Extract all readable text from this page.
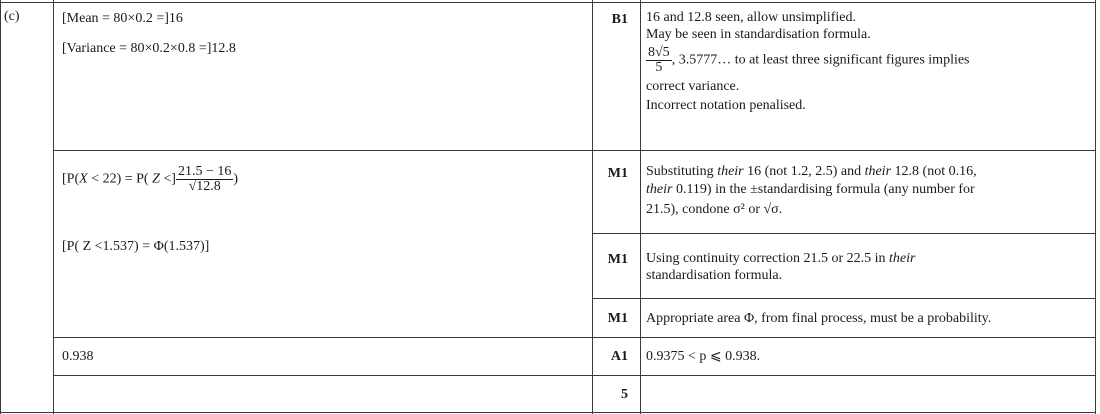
(c)	[Mean = 80×0.2 =]16
[Variance = 80×0.2×0.8 =]12.8
B1 16 and 12.8 seen, allow unsimplified.
May be seen in standardisation formula.
$\frac{8√5}{5}$ , 3.5777… to at least three significant figures implies
correct variance.
Incorrect notation penalised.
[P(X < 22) = P( Z <] $\frac{21.5 - 16}{√12.8}$ )
[P( Z <1.537) = Φ(1.537)]
M1 Substituting their 16 (not 1.2, 2.5) and their 12.8 (not 0.16,
their 0.119) in the ±standardising formula (any number for
21.5), condone σ² or √σ.
M1 Using continuity correction 21.5 or 22.5 in their
standardisation formula.
M1 Appropriate area Φ, from final process, must be a probability.
0.938	A1 0.9375 < p ⩽ 0.938.
5
